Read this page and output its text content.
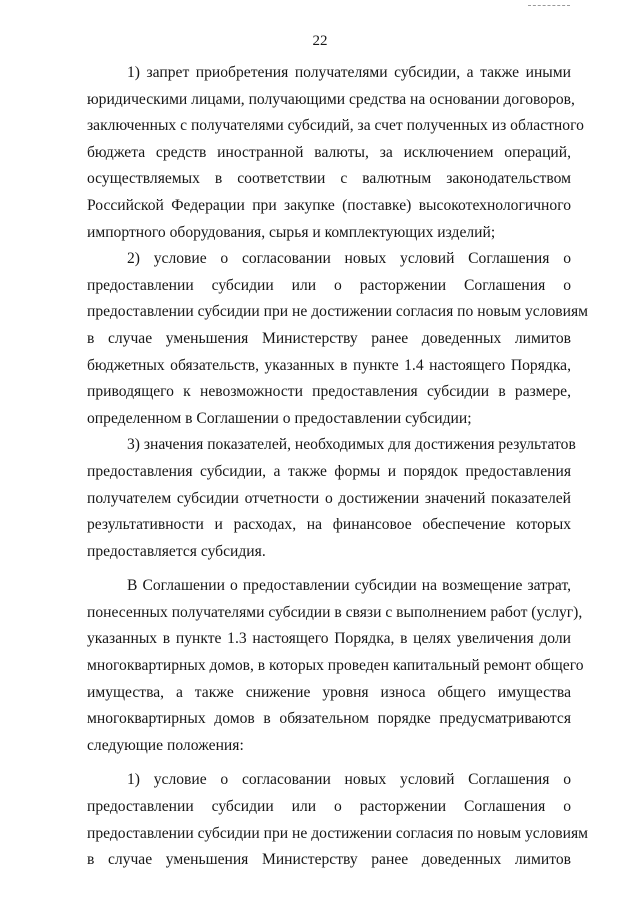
22
1) запрет приобретения получателями субсидии, а также иными
юридическими лицами, получающими средства на основании договоров,
заключенных с получателями субсидий, за счет полученных из областного
бюджета средств иностранной валюты, за исключением операций,
осуществляемых в соответствии с валютным законодательством
Российской Федерации при закупке (поставке) высокотехнологичного
импортного оборудования, сырья и комплектующих изделий;
2) условие о согласовании новых условий Соглашения о
предоставлении субсидии или о расторжении Соглашения о
предоставлении субсидии при не достижении согласия по новым условиям
в случае уменьшения Министерству ранее доведенных лимитов
бюджетных обязательств, указанных в пункте 1.4 настоящего Порядка,
приводящего к невозможности предоставления субсидии в размере,
определенном в Соглашении о предоставлении субсидии;
3) значения показателей, необходимых для достижения результатов
предоставления субсидии, а также формы и порядок предоставления
получателем субсидии отчетности о достижении значений показателей
результативности и расходах, на финансовое обеспечение которых
предоставляется субсидия.
В Соглашении о предоставлении субсидии на возмещение затрат,
понесенных получателями субсидии в связи с выполнением работ (услуг),
указанных в пункте 1.3 настоящего Порядка, в целях увеличения доли
многоквартирных домов, в которых проведен капитальный ремонт общего
имущества, а также снижение уровня износа общего имущества
многоквартирных домов в обязательном порядке предусматриваются
следующие положения:
1) условие о согласовании новых условий Соглашения о
предоставлении субсидии или о расторжении Соглашения о
предоставлении субсидии при не достижении согласия по новым условиям
в случае уменьшения Министерству ранее доведенных лимитов
